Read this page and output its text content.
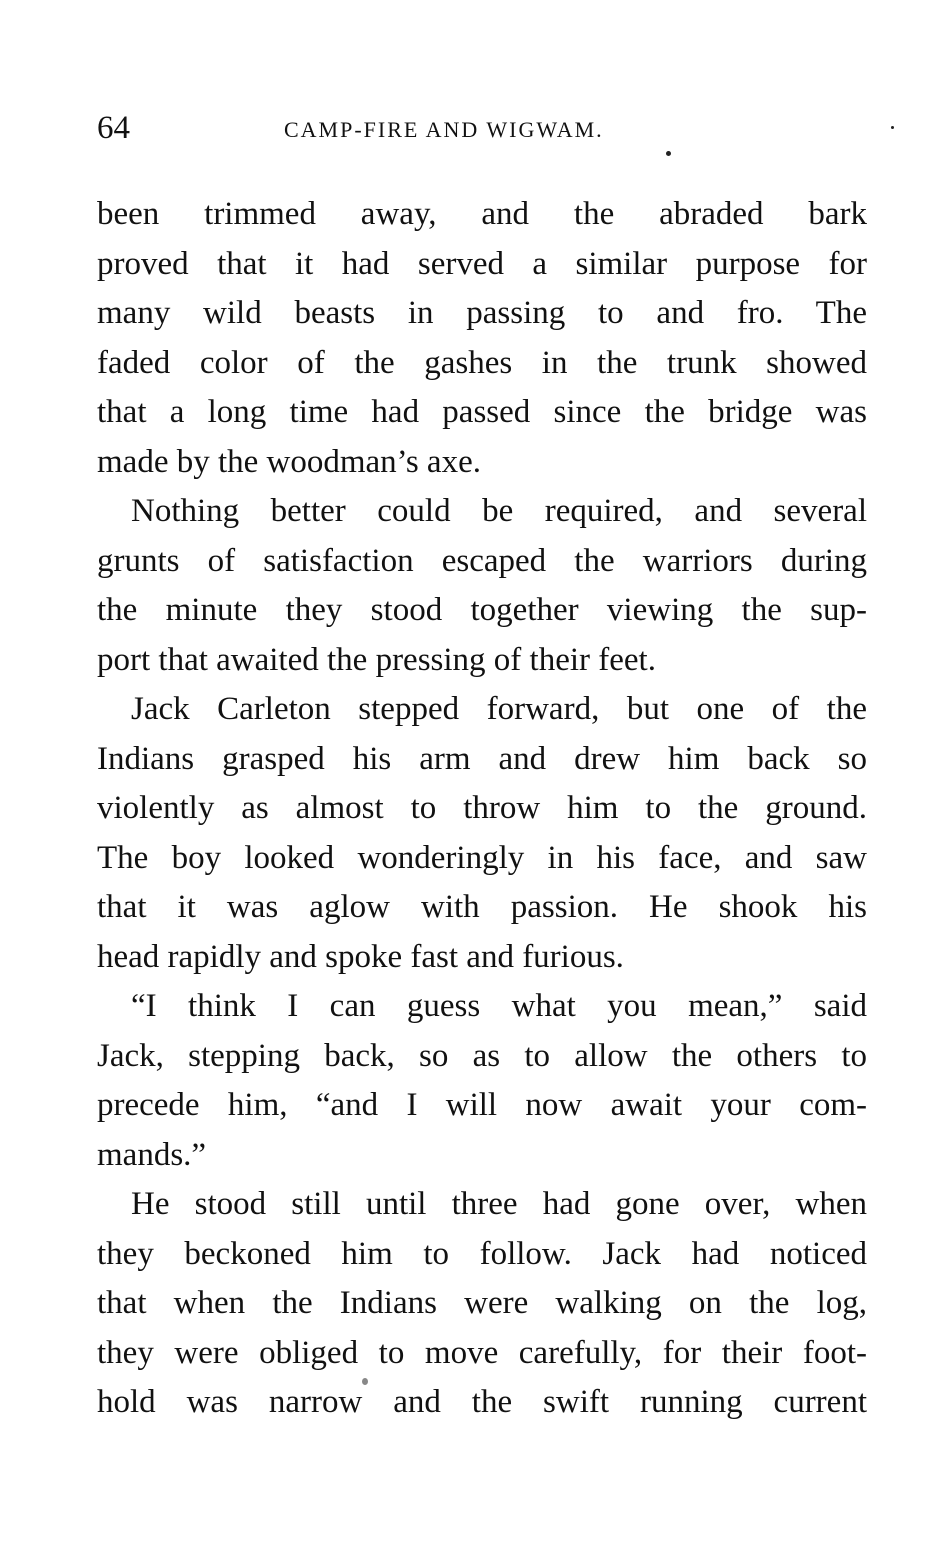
64	CAMP-FIRE AND WIGWAM.
been trimmed away, and the abraded bark
proved that it had served a similar purpose for
many wild beasts in passing to and fro. The
faded color of the gashes in the trunk showed
that a long time had passed since the bridge was
made by the woodman’s axe.
Nothing better could be required, and several
grunts of satisfaction escaped the warriors during
the minute they stood together viewing the sup-
port that awaited the pressing of their feet.
Jack Carleton stepped forward, but one of the
Indians grasped his arm and drew him back so
violently as almost to throw him to the ground.
The boy looked wonderingly in his face, and saw
that it was aglow with passion. He shook his
head rapidly and spoke fast and furious.
“I think I can guess what you mean,” said
Jack, stepping back, so as to allow the others to
precede him, “and I will now await your com-
mands.”
He stood still until three had gone over, when
they beckoned him to follow. Jack had noticed
that when the Indians were walking on the log,
they were obliged to move carefully, for their foot-
hold was narrow and the swift running current
